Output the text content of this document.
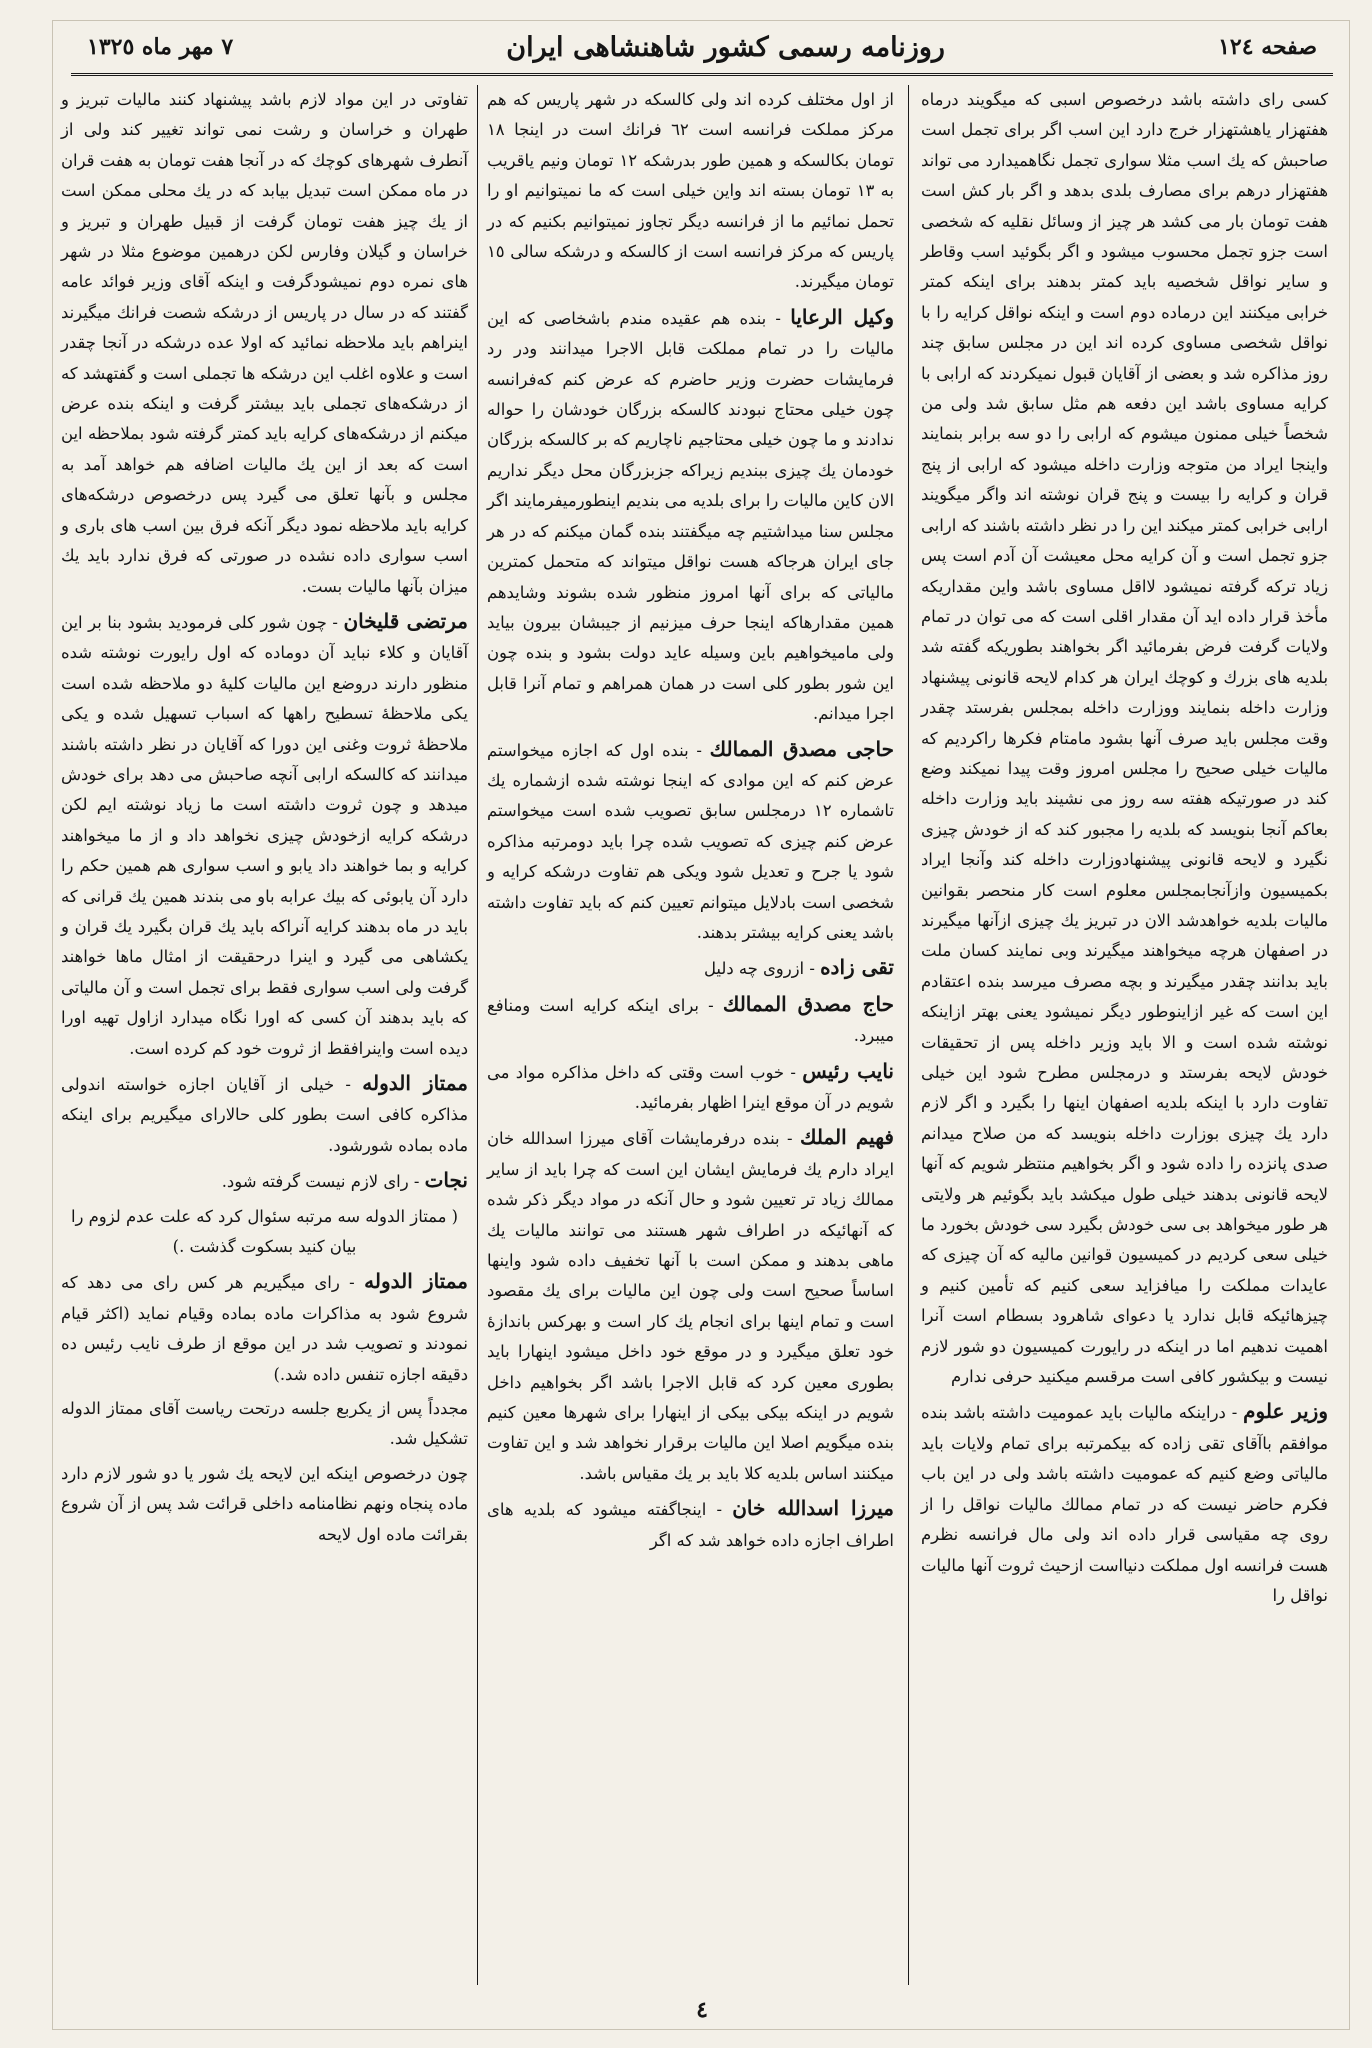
صفحه ١٢٤
روزنامه رسمی کشور شاهنشاهی ایران
٧ مهر ماه ١٣٢٥

کسی رای داشته باشد درخصوص اسبی که میگویند درماه هفتهزار یاهشتهزار خرج دارد این اسب اگر برای تجمل است صاحبش که یك اسب مثلا سواری تجمل نگاهمیدارد می تواند هفتهزار درهم برای مصارف بلدی بدهد و اگر بار کش است هفت تومان بار می کشد هر چیز از وسائل نقلیه که شخصی است جزو تجمل محسوب میشود و اگر بگوئید اسب وقاطر و سایر نواقل شخصیه باید کمتر بدهند برای اینکه کمتر خرابی میکنند این درماده دوم است و اینکه نواقل کرایه را با نواقل شخصی مساوی کرده اند این در مجلس سابق چند روز مذاکره شد و بعضی از آقایان قبول نمیکردند که ارابی با کرایه مساوی باشد این دفعه هم مثل سابق شد ولی من شخصاً خیلی ممنون میشوم که ارابی را دو سه برابر بنمایند واینجا ایراد من متوجه وزارت داخله میشود که ارابی از پنج قران و کرایه را بیست و پنج قران نوشته اند واگر میگویند ارابی خرابی کمتر میکند این را در نظر داشته باشند که ارابی جزو تجمل است و آن کرایه محل معیشت آن آدم است پس زیاد ترکه گرفته نمیشود لااقل مساوی باشد واین مقداریکه مأخذ قرار داده اید آن مقدار اقلی است که می توان در تمام ولایات گرفت فرض بفرمائید اگر بخواهند بطوریکه گفته شد بلدیه های بزرك و کوچك ایران هر کدام لایحه قانونی پیشنهاد وزارت داخله بنمایند ووزارت داخله بمجلس بفرستد چقدر وقت مجلس باید صرف آنها بشود مامتام فکرها راکردیم که مالیات خیلی صحیح را مجلس امروز وقت پیدا نمیکند وضع کند در صورتیکه هفته سه روز می نشیند باید وزارت داخله بعاکم آنجا بنویسد که بلدیه را مجبور کند که از خودش چیزی نگیرد و لایحه قانونی پیشنهادوزارت داخله کند وآنجا ایراد بکمیسیون وازآنجابمجلس معلوم است کار منحصر بقوانین مالیات بلدیه خواهدشد الان در تبریز یك چیزی ازآنها میگیرند در اصفهان هرچه میخواهند میگیرند وبی نمایند کسان ملت باید بدانند چقدر میگیرند و بچه مصرف میرسد بنده اعتقادم این است که غیر ازاینوطور دیگر نمیشود یعنی بهتر ازاینکه نوشته شده است و الا باید وزیر داخله پس از تحقیقات خودش لایحه بفرستد و درمجلس مطرح شود این خیلی تفاوت دارد با اینکه بلدیه اصفهان اینها را بگیرد و اگر لازم دارد یك چیزی بوزارت داخله بنویسد که من صلاح میدانم صدی پانزده را داده شود و اگر بخواهیم منتظر شویم که آنها لایحه قانونی بدهند خیلی طول میکشد باید بگوئیم هر ولایتی هر طور میخواهد بی سی خودش بگیرد سی خودش بخورد ما خیلی سعی کردیم در کمیسیون قوانین مالیه که آن چیزی که عایدات مملکت را میافزاید سعی کنیم که تأمین کنیم و چیزهائیکه قابل ندارد یا دعوای شاهرود بسطام است آنرا اهمیت ندهیم اما در اینکه در رایورت کمیسیون دو شور لازم نیست و بیکشور کافی است مرقسم میکنید حرفی ندارم

وزیر علوم - دراینکه مالیات باید عمومیت داشته باشد بنده موافقم باآقای تقی زاده که بیکمرتبه برای تمام ولایات باید مالیاتی وضع کنیم که عمومیت داشته باشد ولی در این باب فکرم حاضر نیست که در تمام ممالك مالیات نواقل را از روی چه مقیاسی قرار داده اند ولی مال فرانسه نظرم هست فرانسه اول مملکت دنیااست ازحیث ثروت آنها مالیات نواقل را

از اول مختلف کرده اند ولی کالسکه در شهر پاریس که هم مرکز مملکت فرانسه است ٦٢ فرانك است در اینجا ١٨ تومان بکالسکه و همین طور بدرشکه ١٢ تومان ونیم یاقریب به ١٣ تومان بسته اند واین خیلی است که ما نمیتوانیم او را تحمل نمائیم ما از فرانسه دیگر تجاوز نمیتوانیم بکنیم که در پاریس که مرکز فرانسه است از کالسکه و درشکه سالی ١٥ تومان میگیرند.

وکیل الرعایا - بنده هم عقیده مندم باشخاصی که این مالیات را در تمام مملکت قابل الاجرا میدانند ودر رد فرمایشات حضرت وزیر حاضرم که عرض کنم کەفرانسه چون خیلی محتاج نبودند کالسکه بزرگان خودشان را حواله ندادند و ما چون خیلی محتاجیم ناچاریم که بر کالسکه بزرگان خودمان یك چیزی ببندیم زیراکه جزبزرگان محل دیگر نداریم الان کاین مالیات را برای بلدیه می بندیم اینطورمیفرمایند اگر مجلس سنا میداشتیم چه میگفتند بنده گمان میکنم که در هر جای ایران هرجاکه هست نواقل میتواند که متحمل کمترین مالیاتی که برای آنها امروز منظور شده بشوند وشایدهم همین مقدارهاکه اینجا حرف میزنیم از جیبشان بیرون بیاید ولی مامیخواهیم باین وسیله عاید دولت بشود و بنده چون این شور بطور کلی است در همان همراهم و تمام آنرا قابل اجرا میدانم.

حاجی مصدق الممالك - بنده اول که اجازه میخواستم عرض کنم که این موادی که اینجا نوشته شده ازشماره یك تاشماره ١٢ درمجلس سابق تصویب شده است میخواستم عرض کنم چیزی که تصویب شده چرا باید دومرتبه مذاکره شود یا جرح و تعدیل شود ویکی هم تفاوت درشکه کرایه و شخصی است بادلایل میتوانم تعیین کنم که باید تفاوت داشته باشد یعنی کرایه بیشتر بدهند.

تقی زاده - ازروی چه دلیل

حاج مصدق الممالك - برای اینکه کرایه است ومنافع میبرد.

نایب رئیس - خوب است وقتی که داخل مذاکره مواد می شویم در آن موقع اینرا اظهار بفرمائید.

فهیم الملك - بنده درفرمایشات آقای میرزا اسدالله خان ایراد دارم یك فرمایش ایشان این است که چرا باید از سایر ممالك زیاد تر تعیین شود و حال آنکه در مواد دیگر ذکر شده که آنهائیکه در اطراف شهر هستند می توانند مالیات یك ماهی بدهند و ممکن است با آنها تخفیف داده شود واینها اساساً صحیح است ولی چون این مالیات برای یك مقصود است و تمام اینها برای انجام یك کار است و بهرکس باندازهٔ خود تعلق میگیرد و در موقع خود داخل میشود اینهارا باید بطوری معین کرد که قابل الاجرا باشد اگر بخواهیم داخل شویم در اینکه بیکی بیکی از اینهارا برای شهرها معین کنیم بنده میگویم اصلا این مالیات برقرار نخواهد شد و این تفاوت میکنند اساس بلدیه کلا باید بر یك مقیاس باشد.

میرزا اسدالله خان - اینجاگفته میشود که بلدیه های اطراف اجازه داده خواهد شد که اگر

تفاوتی در این مواد لازم باشد پیشنهاد کنند مالیات تبریز و طهران و خراسان و رشت نمی تواند تغییر کند ولی از آنطرف شهرهای کوچك که در آنجا هفت تومان به هفت قران در ماه ممکن است تبدیل بیابد که در یك محلی ممکن است از یك چیز هفت تومان گرفت از قبیل طهران و تبریز و خراسان و گیلان وفارس لکن درهمین موضوع مثلا در شهر های نمره دوم نمیشودگرفت و اینکه آقای وزیر فوائد عامه گفتند که در سال در پاریس از درشکه شصت فرانك میگیرند اینراهم باید ملاحظه نمائید که اولا عده درشکه در آنجا چقدر است و علاوه اغلب این درشکه ها تجملی است و گفتهشد که از درشکه‌های تجملی باید بیشتر گرفت و اینکه بنده عرض میکنم از درشکه‌های کرایه باید کمتر گرفته شود بملاحظه این است که بعد از این یك مالیات اضافه هم خواهد آمد به مجلس و بآنها تعلق می گیرد پس درخصوص درشکه‌های کرایه باید ملاحظه نمود دیگر آنکه فرق بین اسب های باری و اسب سواری داده نشده در صورتی که فرق ندارد باید یك میزان بآنها مالیات بست.

مرتضی قلیخان - چون شور کلی فرمودید بشود بنا بر این آقایان و کلاء نباید آن دوماده که اول رایورت نوشته شده منظور دارند دروضع این مالیات کلیهٔ دو ملاحظه شده است یکی ملاحظهٔ تسطیح راهها که اسباب تسهیل شده و یکی ملاحظهٔ ثروت وغنی این دورا که آقایان در نظر داشته باشند میدانند که کالسکه ارابی آنچه صاحبش می دهد برای خودش میدهد و چون ثروت داشته است ما زیاد نوشته ایم لکن درشکه کرایه ازخودش چیزی نخواهد داد و از ما میخواهند کرایه و بما خواهند داد یابو و اسب سواری هم همین حکم را دارد آن یابوئی که بیك عرابه باو می بندند همین یك قرانی که باید در ماه بدهند کرایه آنراکه باید یك قران بگیرد یك قران و یکشاهی می گیرد و اینرا درحقیقت از امثال ماها خواهند گرفت ولی اسب سواری فقط برای تجمل است و آن مالیاتی که باید بدهند آن کسی که اورا نگاه میدارد ازاول تهیه اورا دیده است واینرافقط از ثروت خود کم کرده است.

ممتاز الدوله - خیلی از آقایان اجازه خواسته اندولی مذاکره کافی است بطور کلی حالارای میگیریم برای اینکه ماده بماده شورشود.

نجات - رای لازم نیست گرفته شود.

( ممتاز الدوله سه مرتبه سئوال کرد که علت عدم لزوم را بیان کنید بسکوت گذشت .)

ممتاز الدوله - رای میگیریم هر کس رای می دهد که شروع شود به مذاکرات ماده بماده وقیام نماید (اکثر قیام نمودند و تصویب شد در این موقع از طرف نایب رئیس ده دقیقه اجازه تنفس داده شد.)

مجدداً پس از یکربع جلسه درتحت ریاست آقای ممتاز الدوله تشکیل شد.

چون درخصوص اینکه این لایحه یك شور یا دو شور لازم دارد ماده پنجاه ونهم نظامنامه داخلی قرائت شد پس از آن شروع بقرائت ماده اول لایحه

٤
